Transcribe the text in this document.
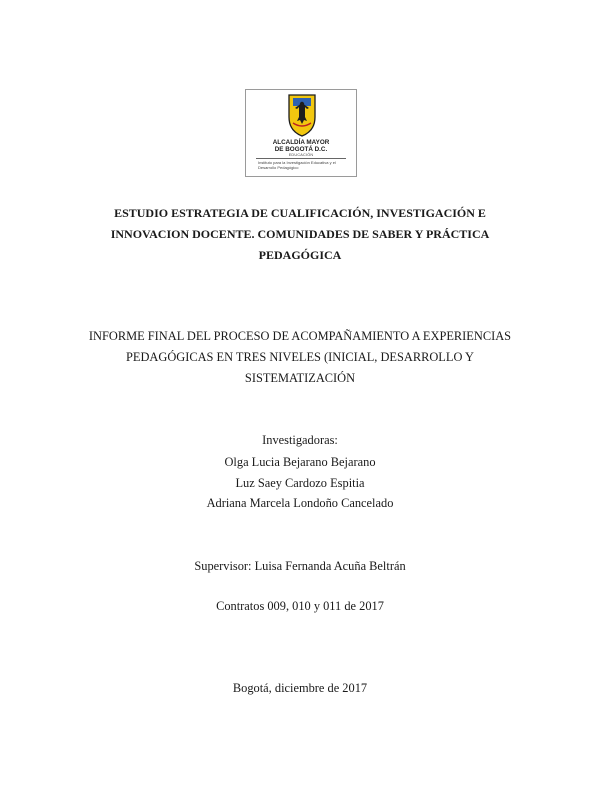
ALCALDÍA MAYOR
DE BOGOTÁ D.C.
EDUCACIÓN
Instituto para la Investigación Educativa y el
Desarrollo Pedagógico
ESTUDIO ESTRATEGIA DE CUALIFICACIÓN, INVESTIGACIÓN E
INNOVACION DOCENTE. COMUNIDADES DE SABER Y PRÁCTICA
PEDAGÓGICA
INFORME FINAL DEL PROCESO DE ACOMPAÑAMIENTO A EXPERIENCIAS
PEDAGÓGICAS EN TRES NIVELES (INICIAL, DESARROLLO Y
SISTEMATIZACIÓN
Investigadoras:
Olga Lucia Bejarano Bejarano
Luz Saey Cardozo Espitia
Adriana Marcela Londoño Cancelado
Supervisor: Luisa Fernanda Acuña Beltrán
Contratos 009, 010 y 011 de 2017
Bogotá, diciembre de 2017
